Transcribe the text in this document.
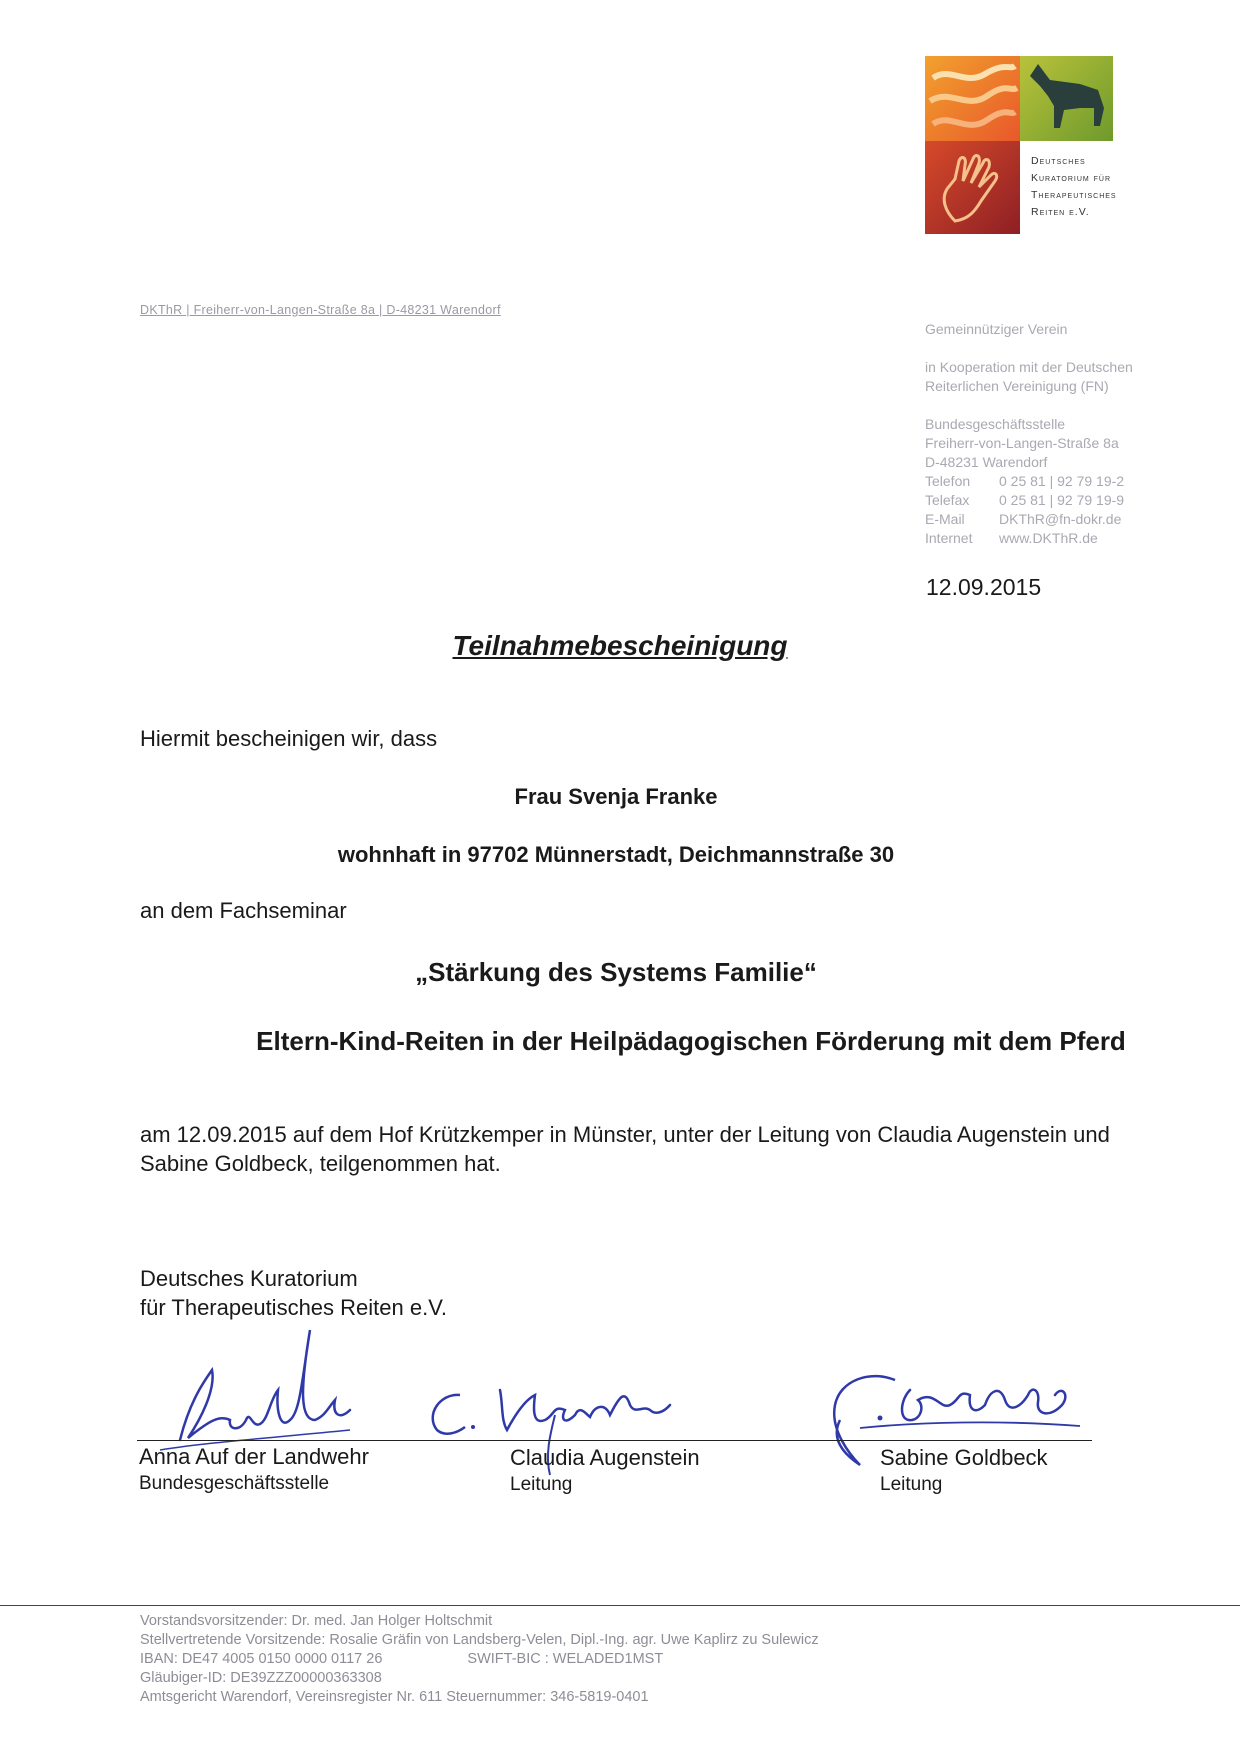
Deutsches
Kuratorium für
Therapeutisches
Reiten e.V.
DKThR | Freiherr-von-Langen-Straße 8a | D-48231 Warendorf
Gemeinnütziger Verein
in Kooperation mit der Deutschen Reiterlichen Vereinigung (FN)
Bundesgeschäftsstelle
Freiherr-von-Langen-Straße 8a
D-48231 Warendorf
Telefon 0 25 81 | 92 79 19-2
Telefax 0 25 81 | 92 79 19-9
E-Mail DKThR@fn-dokr.de
Internet www.DKThR.de
12.09.2015
Teilnahmebescheinigung
Hiermit bescheinigen wir, dass
Frau Svenja Franke
wohnhaft in 97702 Münnerstadt, Deichmannstraße 30
an dem Fachseminar
„Stärkung des Systems Familie“
Eltern-Kind-Reiten in der Heilpädagogischen Förderung mit dem Pferd
am 12.09.2015 auf dem Hof Krützkemper in Münster, unter der Leitung von Claudia Augenstein und Sabine Goldbeck, teilgenommen hat.
Deutsches Kuratorium
für Therapeutisches Reiten e.V.
Anna Auf der Landwehr
Bundesgeschäftsstelle
Claudia Augenstein
Leitung
Sabine Goldbeck
Leitung
Vorstandsvorsitzender: Dr. med. Jan Holger Holtschmit
Stellvertretende Vorsitzende: Rosalie Gräfin von Landsberg-Velen, Dipl.-Ing. agr. Uwe Kaplirz zu Sulewicz
IBAN: DE47 4005 0150 0000 0117 26	SWIFT-BIC : WELADED1MST
Gläubiger-ID: DE39ZZZ00000363308
Amtsgericht Warendorf, Vereinsregister Nr. 611 Steuernummer: 346-5819-0401
